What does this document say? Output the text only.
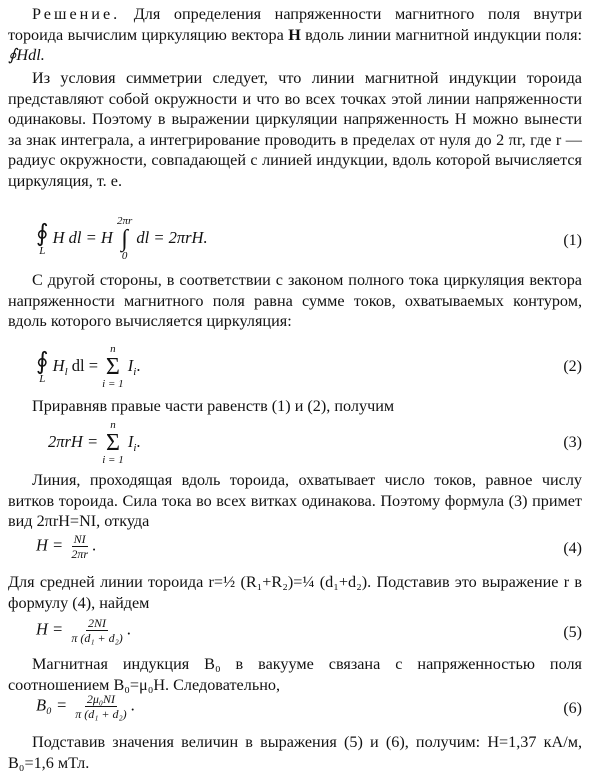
Решение. Для определения напряженности магнитного поля внутри тороида вычислим циркуляцию вектора H вдоль линии магнитной индукции поля: ∮Hdl.

Из условия симметрии следует, что линии магнитной индукции тороида представляют собой окружности и что во всех точках этой линии напряженности одинаковы. Поэтому в выражении циркуляции напряженность H можно вынести за знак интеграла, а интегрирование проводить в пределах от нуля до 2 πr, где r — радиус окружности, совпадающей с линией индукции, вдоль которой вычисляется циркуляция, т. е.

∮
L
H dl = H
2πr
∫
0
dl = 2πrH.	(1)

С другой стороны, в соответствии с законом полного тока циркуляция вектора напряженности магнитного поля равна сумме токов, охватываемых контуром, вдоль которого вычисляется циркуляция:

∮
L
$H_l$ dl =
n
Σ
i = 1
$I_i$.	(2)

Приравняв правые части равенств (1) и (2), получим

2πrH =
n
Σ
i = 1
$I_i$.	(3)

Линия, проходящая вдоль тороида, охватывает число токов, равное числу витков тороида. Сила тока во всех витках одинакова. Поэтому формула (3) примет вид 2πrH=NI, откуда

$H = \frac{NI}{2\pi r}$ .	(4)

Для средней линии тороида r=½ (R₁+R₂)=¼ (d₁+d₂). Подставив это выражение r в формулу (4), найдем

$H = \frac{2NI}{\text{π (d₁ + d₂)}}$ .	(5)

Магнитная индукция B₀ в вакууме связана с напряженностью поля соотношением B₀=μ₀H. Следовательно,

$B_0 = \frac{\text{2μ₀NI}}{\text{π (d₁ + d₂)}}$ .	(6)

Подставив значения величин в выражения (5) и (6), получим: H=1,37 кА/м, B₀=1,6 мТл.
